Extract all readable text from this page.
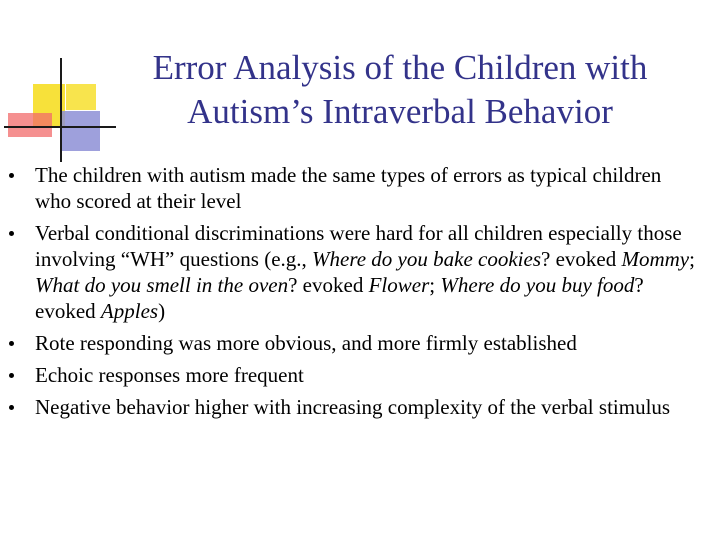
Error Analysis of the Children with
Autism’s Intraverbal Behavior
The children with autism made the same types of errors as typical children who scored at their level
Verbal conditional discriminations were hard for all children especially those involving “WH” questions (e.g., Where do you bake cookies? evoked Mommy; What do you smell in the oven? evoked Flower; Where do you buy food? evoked Apples)
Rote responding was more obvious, and more firmly established
Echoic responses more frequent
Negative behavior higher with increasing complexity of the verbal stimulus
